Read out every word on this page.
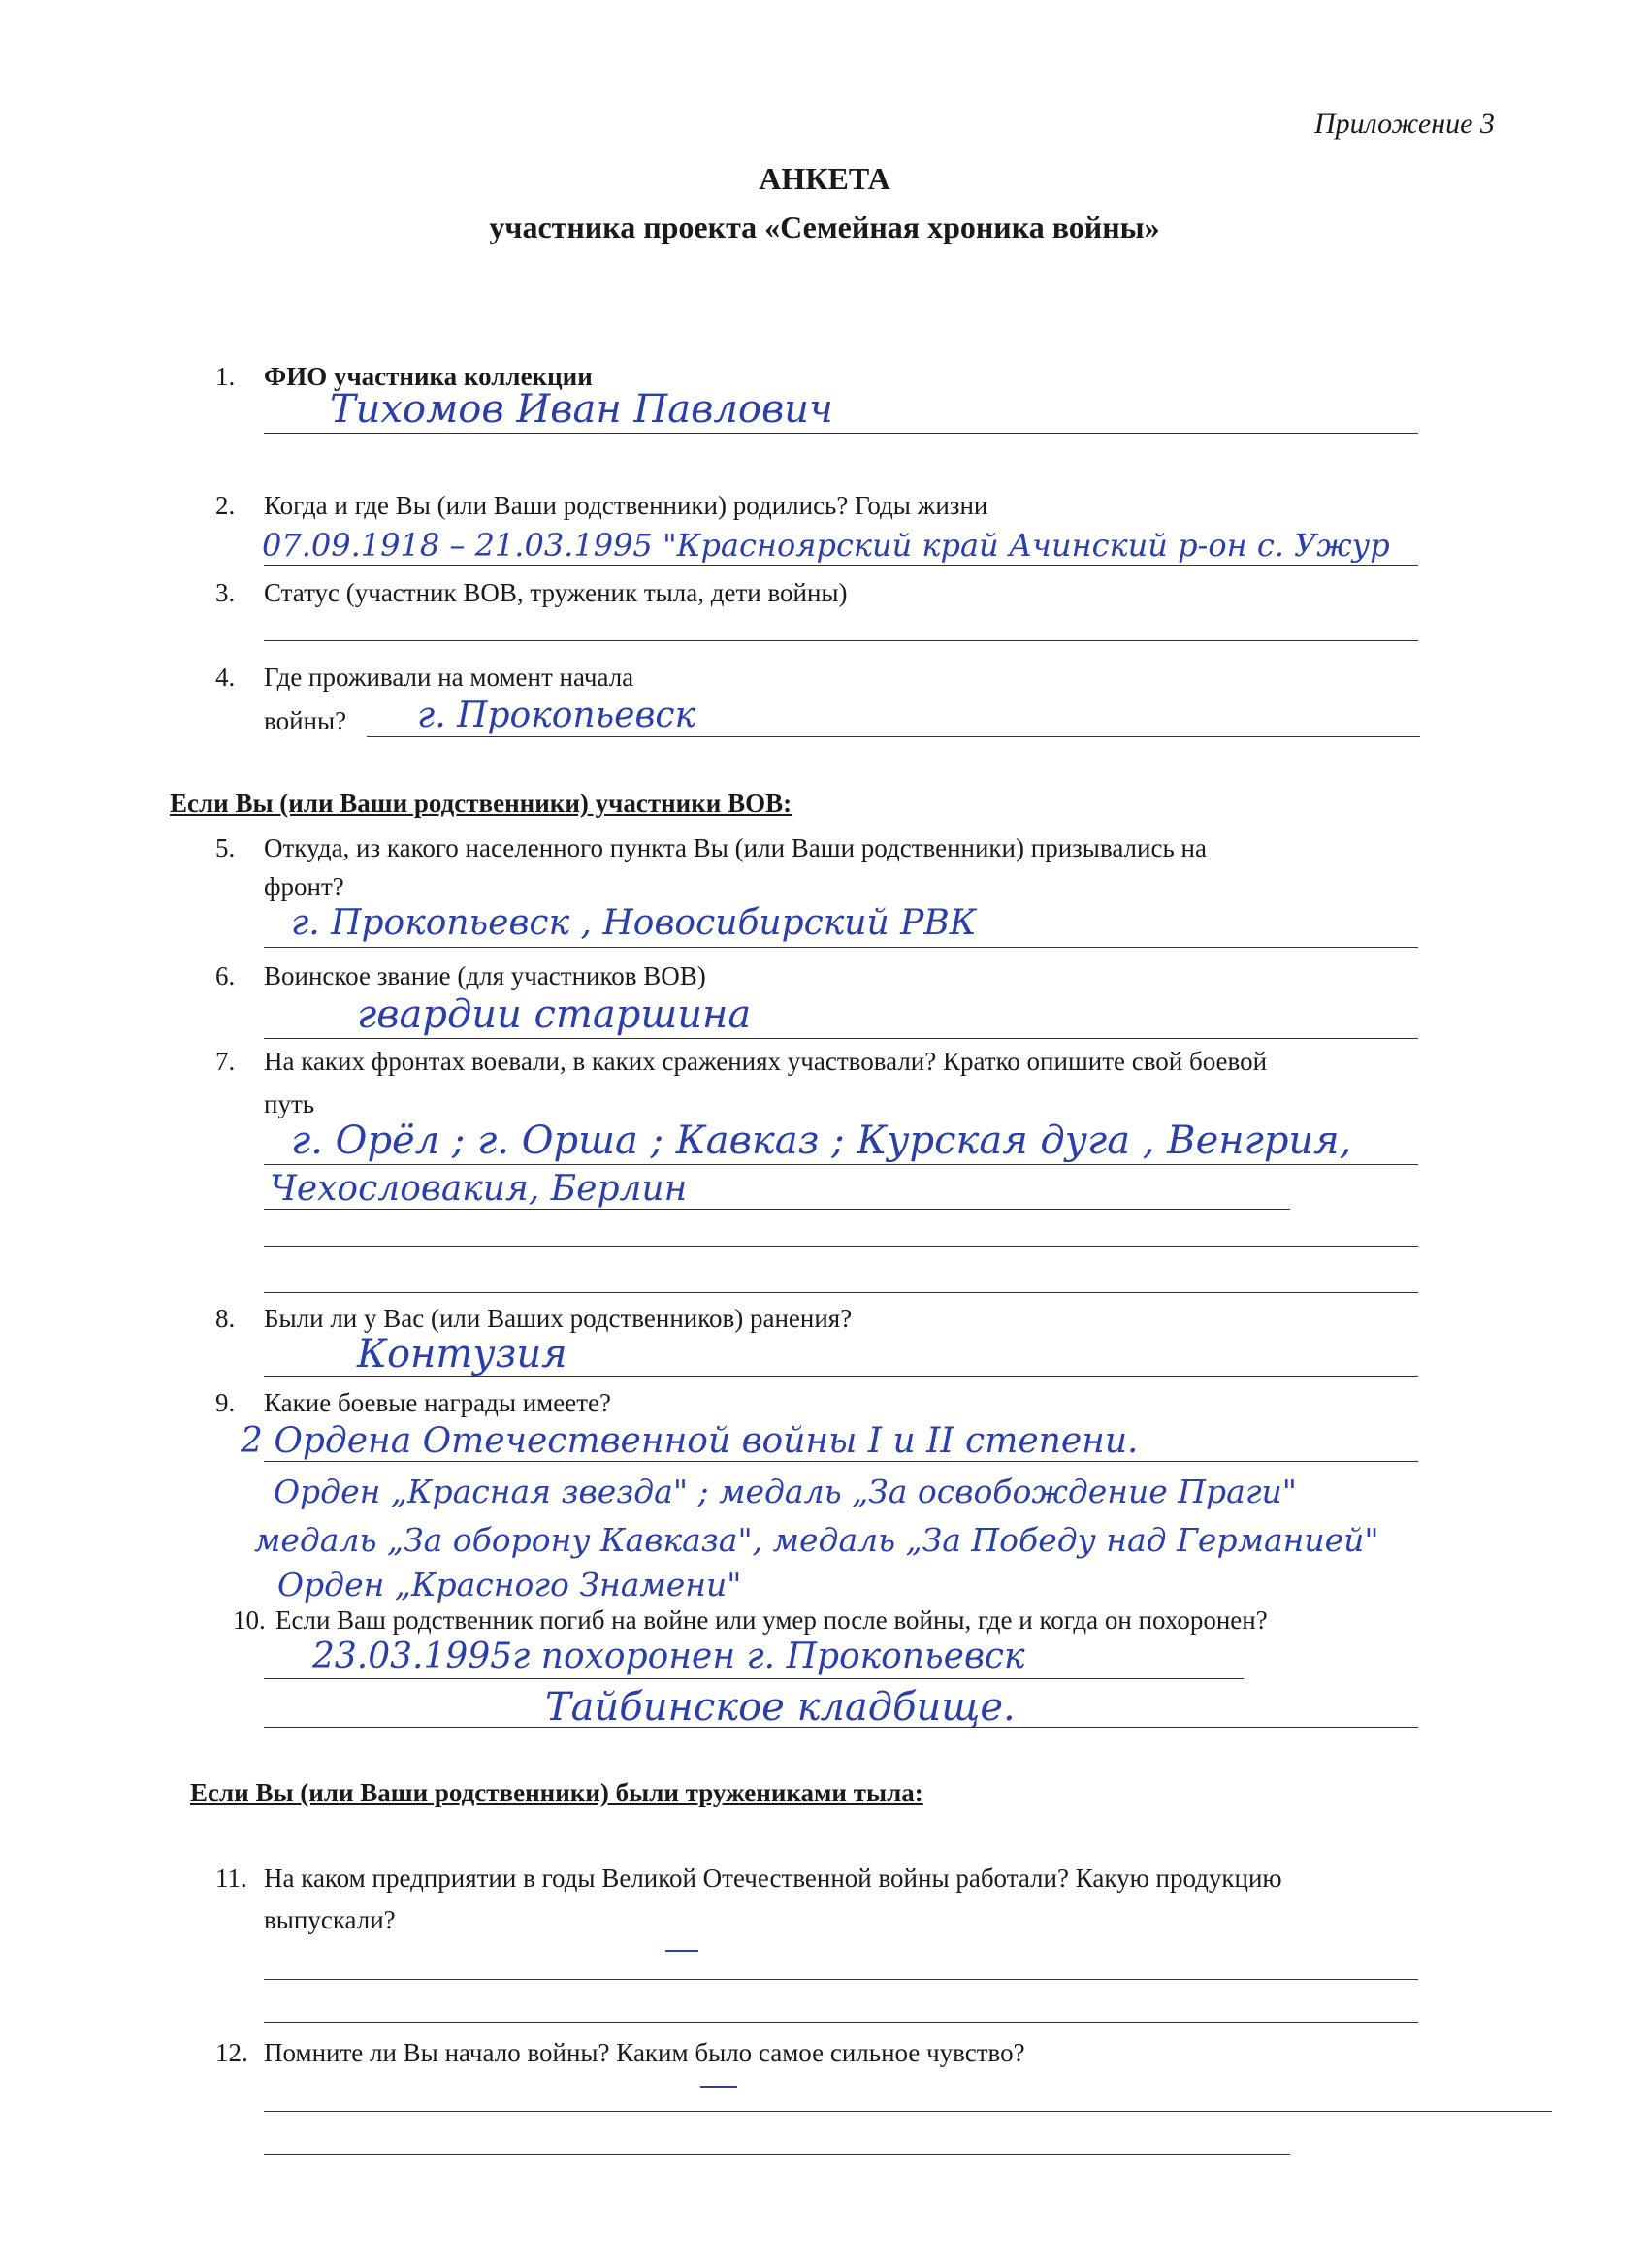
Приложение 3
АНКЕТА
участника проекта «Семейная хроника войны»
1. ФИО участника коллекции
Тихомов Иван Павлович
2. Когда и где Вы (или Ваши родственники) родились? Годы жизни
07.09.1918 – 21.03.1995 "Красноярский край Ачинский р-он с. Ужур
3. Статус (участник ВОВ, труженик тыла, дети войны)
4. Где проживали на момент начала
войны? г. Прокопьевск
Если Вы (или Ваши родственники) участники ВОВ:
5. Откуда, из какого населенного пункта Вы (или Ваши родственники) призывались на
фронт?
г. Прокопьевск , Новосибирский РВК
6. Воинское звание (для участников ВОВ)
гвардии старшина
7. На каких фронтах воевали, в каких сражениях участвовали? Кратко опишите свой боевой
путь
г. Орёл ; г. Орша ; Кавказ ; Курская дуга , Венгрия,
Чехословакия, Берлин
8. Были ли у Вас (или Ваших родственников) ранения?
Контузия
9. Какие боевые награды имеете?
2 Ордена Отечественной войны I и II степени.
Орден „Красная звезда" ; медаль „За освобождение Праги"
медаль „За оборону Кавказа", медаль „За Победу над Германией"
Орден „Красного Знамени"
10. Если Ваш родственник погиб на войне или умер после войны, где и когда он похоронен?
23.03.1995г похоронен г. Прокопьевск
Тайбинское кладбище.
Если Вы (или Ваши родственники) были тружениками тыла:
11. На каком предприятии в годы Великой Отечественной войны работали? Какую продукцию
выпускали?
12. Помните ли Вы начало войны? Каким было самое сильное чувство?
